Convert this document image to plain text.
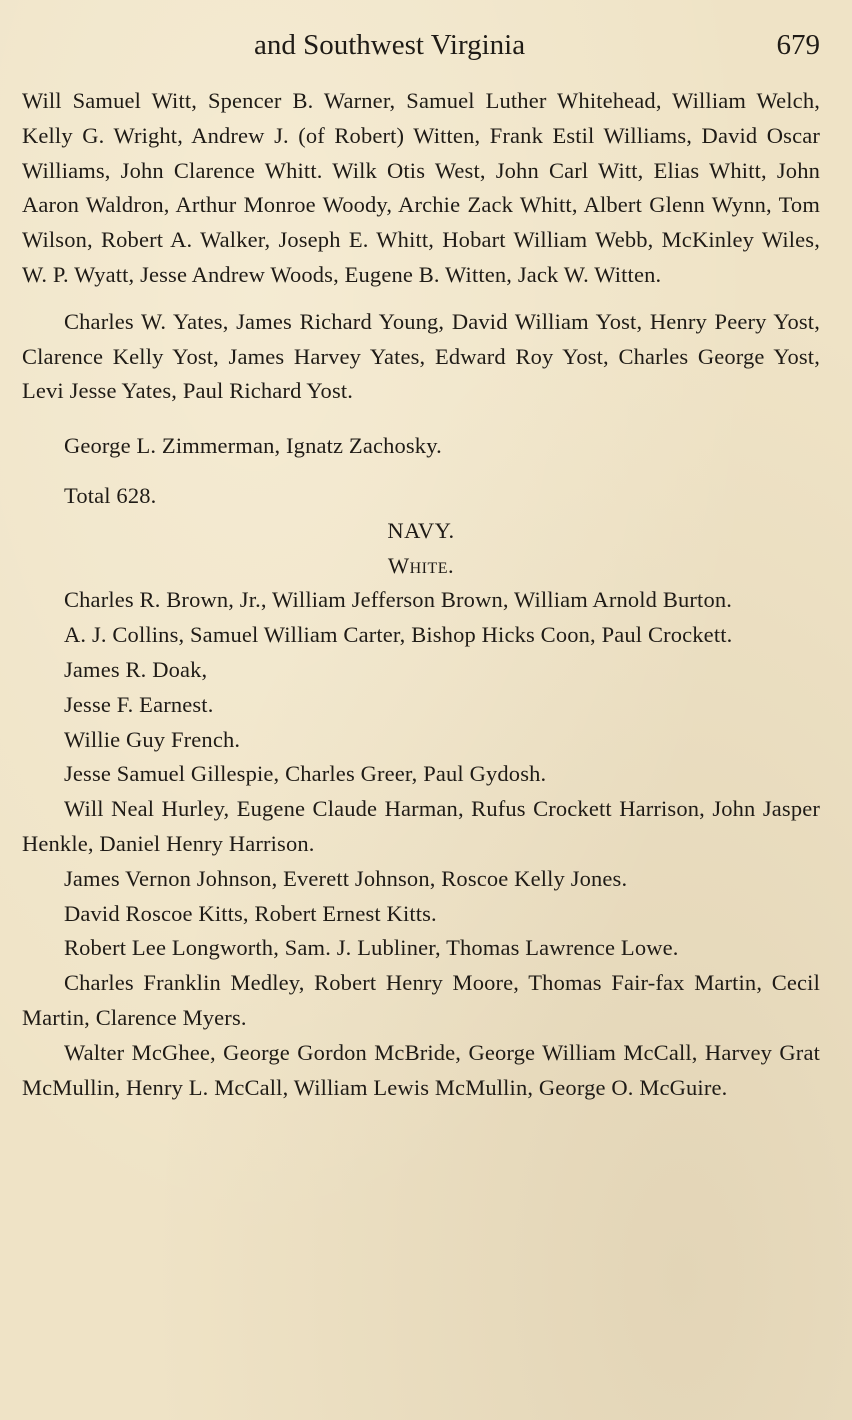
and Southwest Virginia	679

Will Samuel Witt, Spencer B. Warner, Samuel Luther Whitehead, William Welch, Kelly G. Wright, Andrew J. (of Robert) Witten, Frank Estil Williams, David Oscar Williams, John Clarence Whitt. Wilk Otis West, John Carl Witt, Elias Whitt, John Aaron Waldron, Arthur Monroe Woody, Archie Zack Whitt, Albert Glenn Wynn, Tom Wilson, Robert A. Walker, Joseph E. Whitt, Hobart William Webb, McKinley Wiles, W. P. Wyatt, Jesse Andrew Woods, Eugene B. Witten, Jack W. Witten.

Charles W. Yates, James Richard Young, David William Yost, Henry Peery Yost, Clarence Kelly Yost, James Harvey Yates, Edward Roy Yost, Charles George Yost, Levi Jesse Yates, Paul Richard Yost.

George L. Zimmerman, Ignatz Zachosky.

Total 628.

NAVY.

White.

Charles R. Brown, Jr., William Jefferson Brown, William Arnold Burton.

A. J. Collins, Samuel William Carter, Bishop Hicks Coon, Paul Crockett.

James R. Doak,

Jesse F. Earnest.

Willie Guy French.

Jesse Samuel Gillespie, Charles Greer, Paul Gydosh.

Will Neal Hurley, Eugene Claude Harman, Rufus Crockett Harrison, John Jasper Henkle, Daniel Henry Harrison.

James Vernon Johnson, Everett Johnson, Roscoe Kelly Jones.

David Roscoe Kitts, Robert Ernest Kitts.

Robert Lee Longworth, Sam. J. Lubliner, Thomas Lawrence Lowe.

Charles Franklin Medley, Robert Henry Moore, Thomas Fair-fax Martin, Cecil Martin, Clarence Myers.

Walter McGhee, George Gordon McBride, George William McCall, Harvey Grat McMullin, Henry L. McCall, William Lewis McMullin, George O. McGuire.
